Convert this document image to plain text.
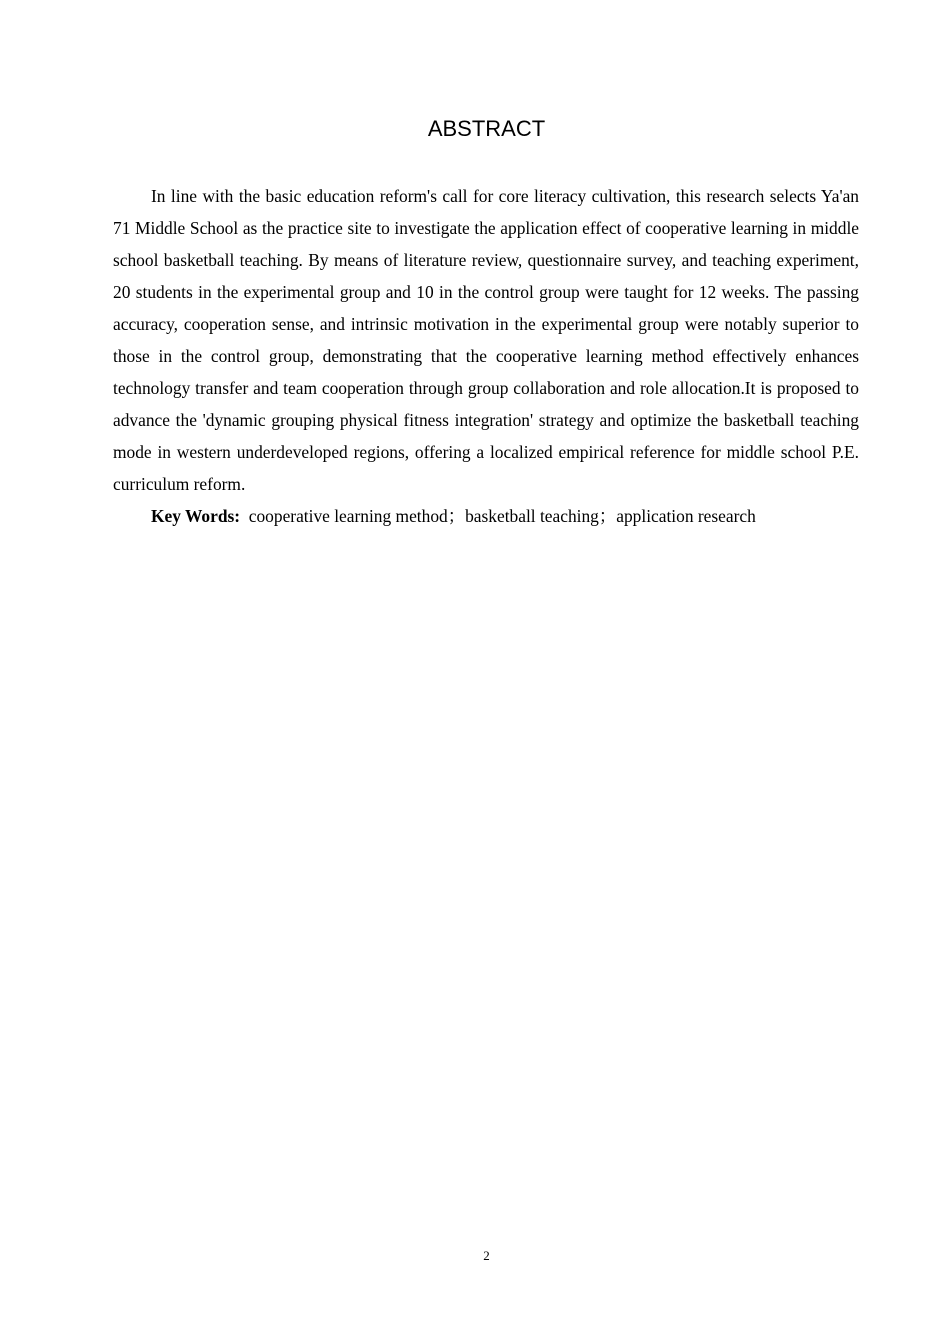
ABSTRACT

In line with the basic education reform's call for core literacy cultivation, this research selects Ya'an 71 Middle School as the practice site to investigate the application effect of cooperative learning in middle school basketball teaching. By means of literature review, questionnaire survey, and teaching experiment, 20 students in the experimental group and 10 in the control group were taught for 12 weeks. The passing accuracy, cooperation sense, and intrinsic motivation in the experimental group were notably superior to those in the control group, demonstrating that the cooperative learning method effectively enhances technology transfer and team cooperation through group collaboration and role allocation.It is proposed to advance the 'dynamic grouping physical fitness integration' strategy and optimize the basketball teaching mode in western underdeveloped regions, offering a localized empirical reference for middle school P.E. curriculum reform.

Key Words: cooperative learning method；basketball teaching；application research

2
